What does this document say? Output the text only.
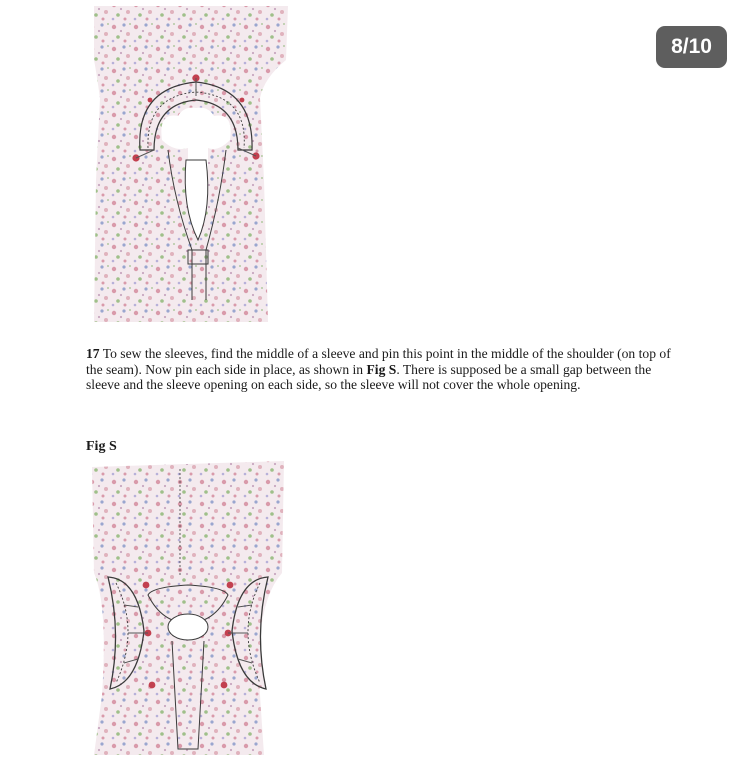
8/10

17 To sew the sleeves, find the middle of a sleeve and pin this point in the middle of the shoulder (on top of the seam). Now pin each side in place, as shown in Fig S. There is supposed be a small gap between the sleeve and the sleeve opening on each side, so the sleeve will not cover the whole opening.

Fig S
